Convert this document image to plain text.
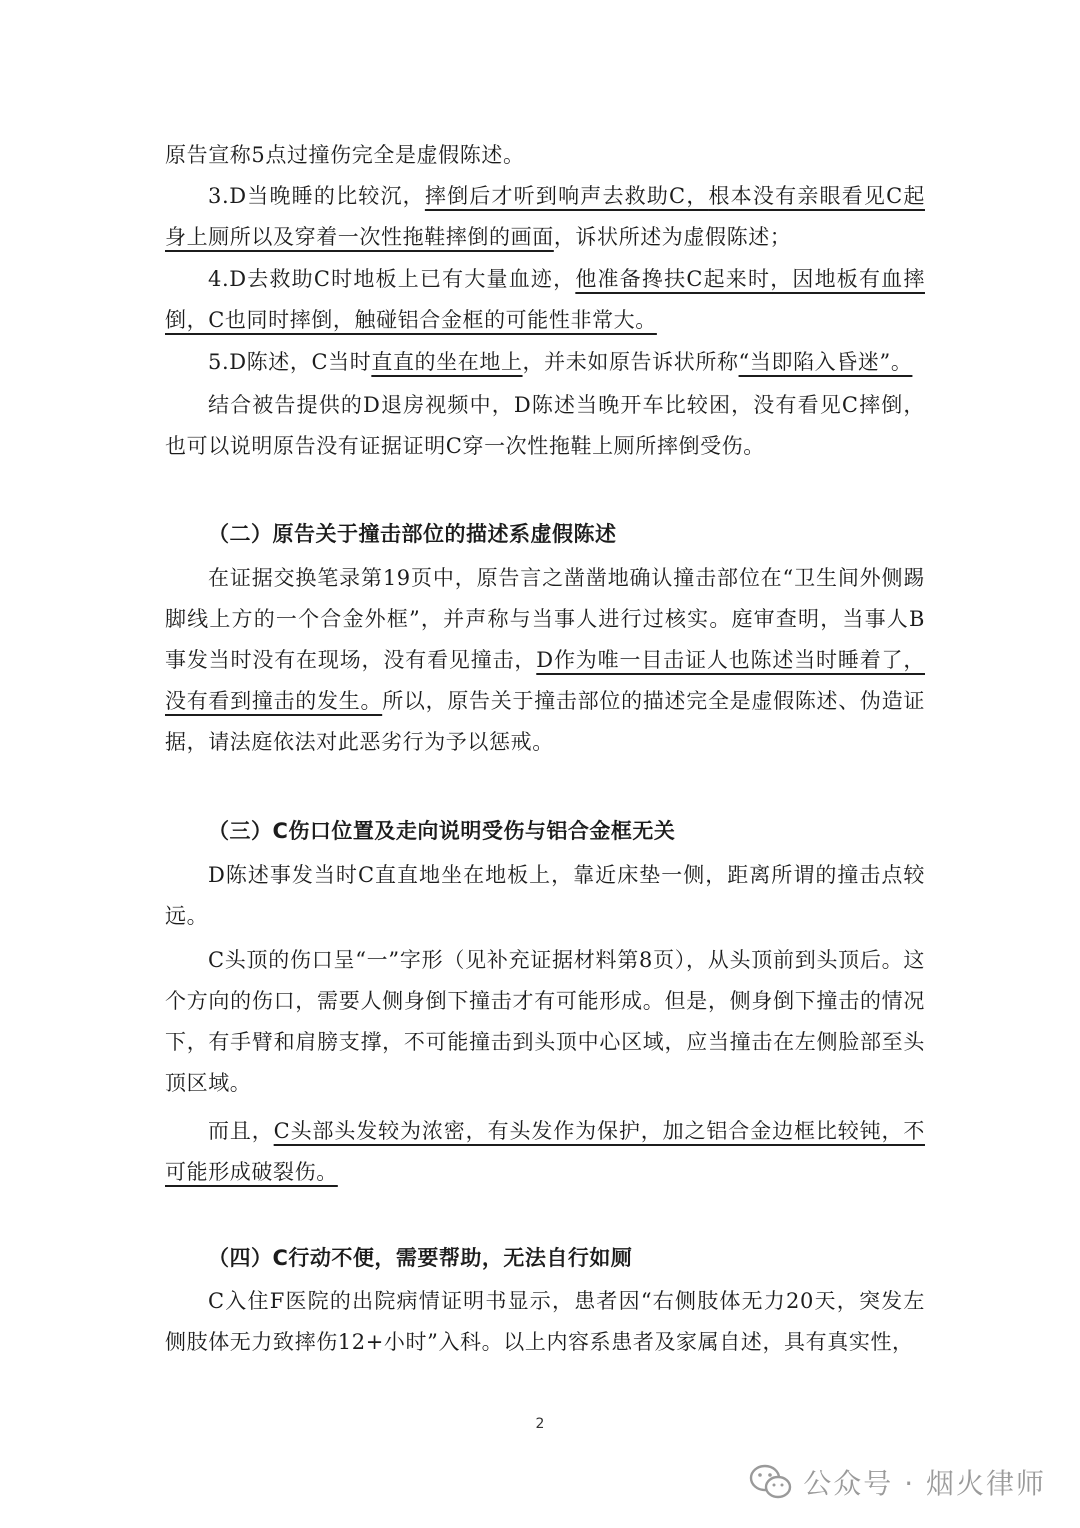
原告宣称5点过撞伤完全是虚假陈述。

3.D当晚睡的比较沉，摔倒后才听到响声去救助C，根本没有亲眼看见C起身上厕所以及穿着一次性拖鞋摔倒的画面，诉状所述为虚假陈述；

4.D去救助C时地板上已有大量血迹，他准备搀扶C起来时，因地板有血摔倒，C也同时摔倒，触碰铝合金框的可能性非常大。

5.D陈述，C当时直直的坐在地上，并未如原告诉状所称“当即陷入昏迷”。

结合被告提供的D退房视频中，D陈述当晚开车比较困，没有看见C摔倒，也可以说明原告没有证据证明C穿一次性拖鞋上厕所摔倒受伤。

（二）原告关于撞击部位的描述系虚假陈述

在证据交换笔录第19页中，原告言之凿凿地确认撞击部位在“卫生间外侧踢脚线上方的一个合金外框”，并声称与当事人进行过核实。庭审查明，当事人B事发当时没有在现场，没有看见撞击，D作为唯一目击证人也陈述当时睡着了，没有看到撞击的发生。所以，原告关于撞击部位的描述完全是虚假陈述、伪造证据，请法庭依法对此恶劣行为予以惩戒。

（三）C伤口位置及走向说明受伤与铝合金框无关

D陈述事发当时C直直地坐在地板上，靠近床垫一侧，距离所谓的撞击点较远。

C头顶的伤口呈“一”字形（见补充证据材料第8页），从头顶前到头顶后。这个方向的伤口，需要人侧身倒下撞击才有可能形成。但是，侧身倒下撞击的情况下，有手臂和肩膀支撑，不可能撞击到头顶中心区域，应当撞击在左侧脸部至头顶区域。

而且，C头部头发较为浓密，有头发作为保护，加之铝合金边框比较钝，不可能形成破裂伤。

（四）C行动不便，需要帮助，无法自行如厕

C入住F医院的出院病情证明书显示，患者因“右侧肢体无力20天，突发左侧肢体无力致摔伤12+小时”入科。以上内容系患者及家属自述，具有真实性，

2
公众号 · 烟火律师
